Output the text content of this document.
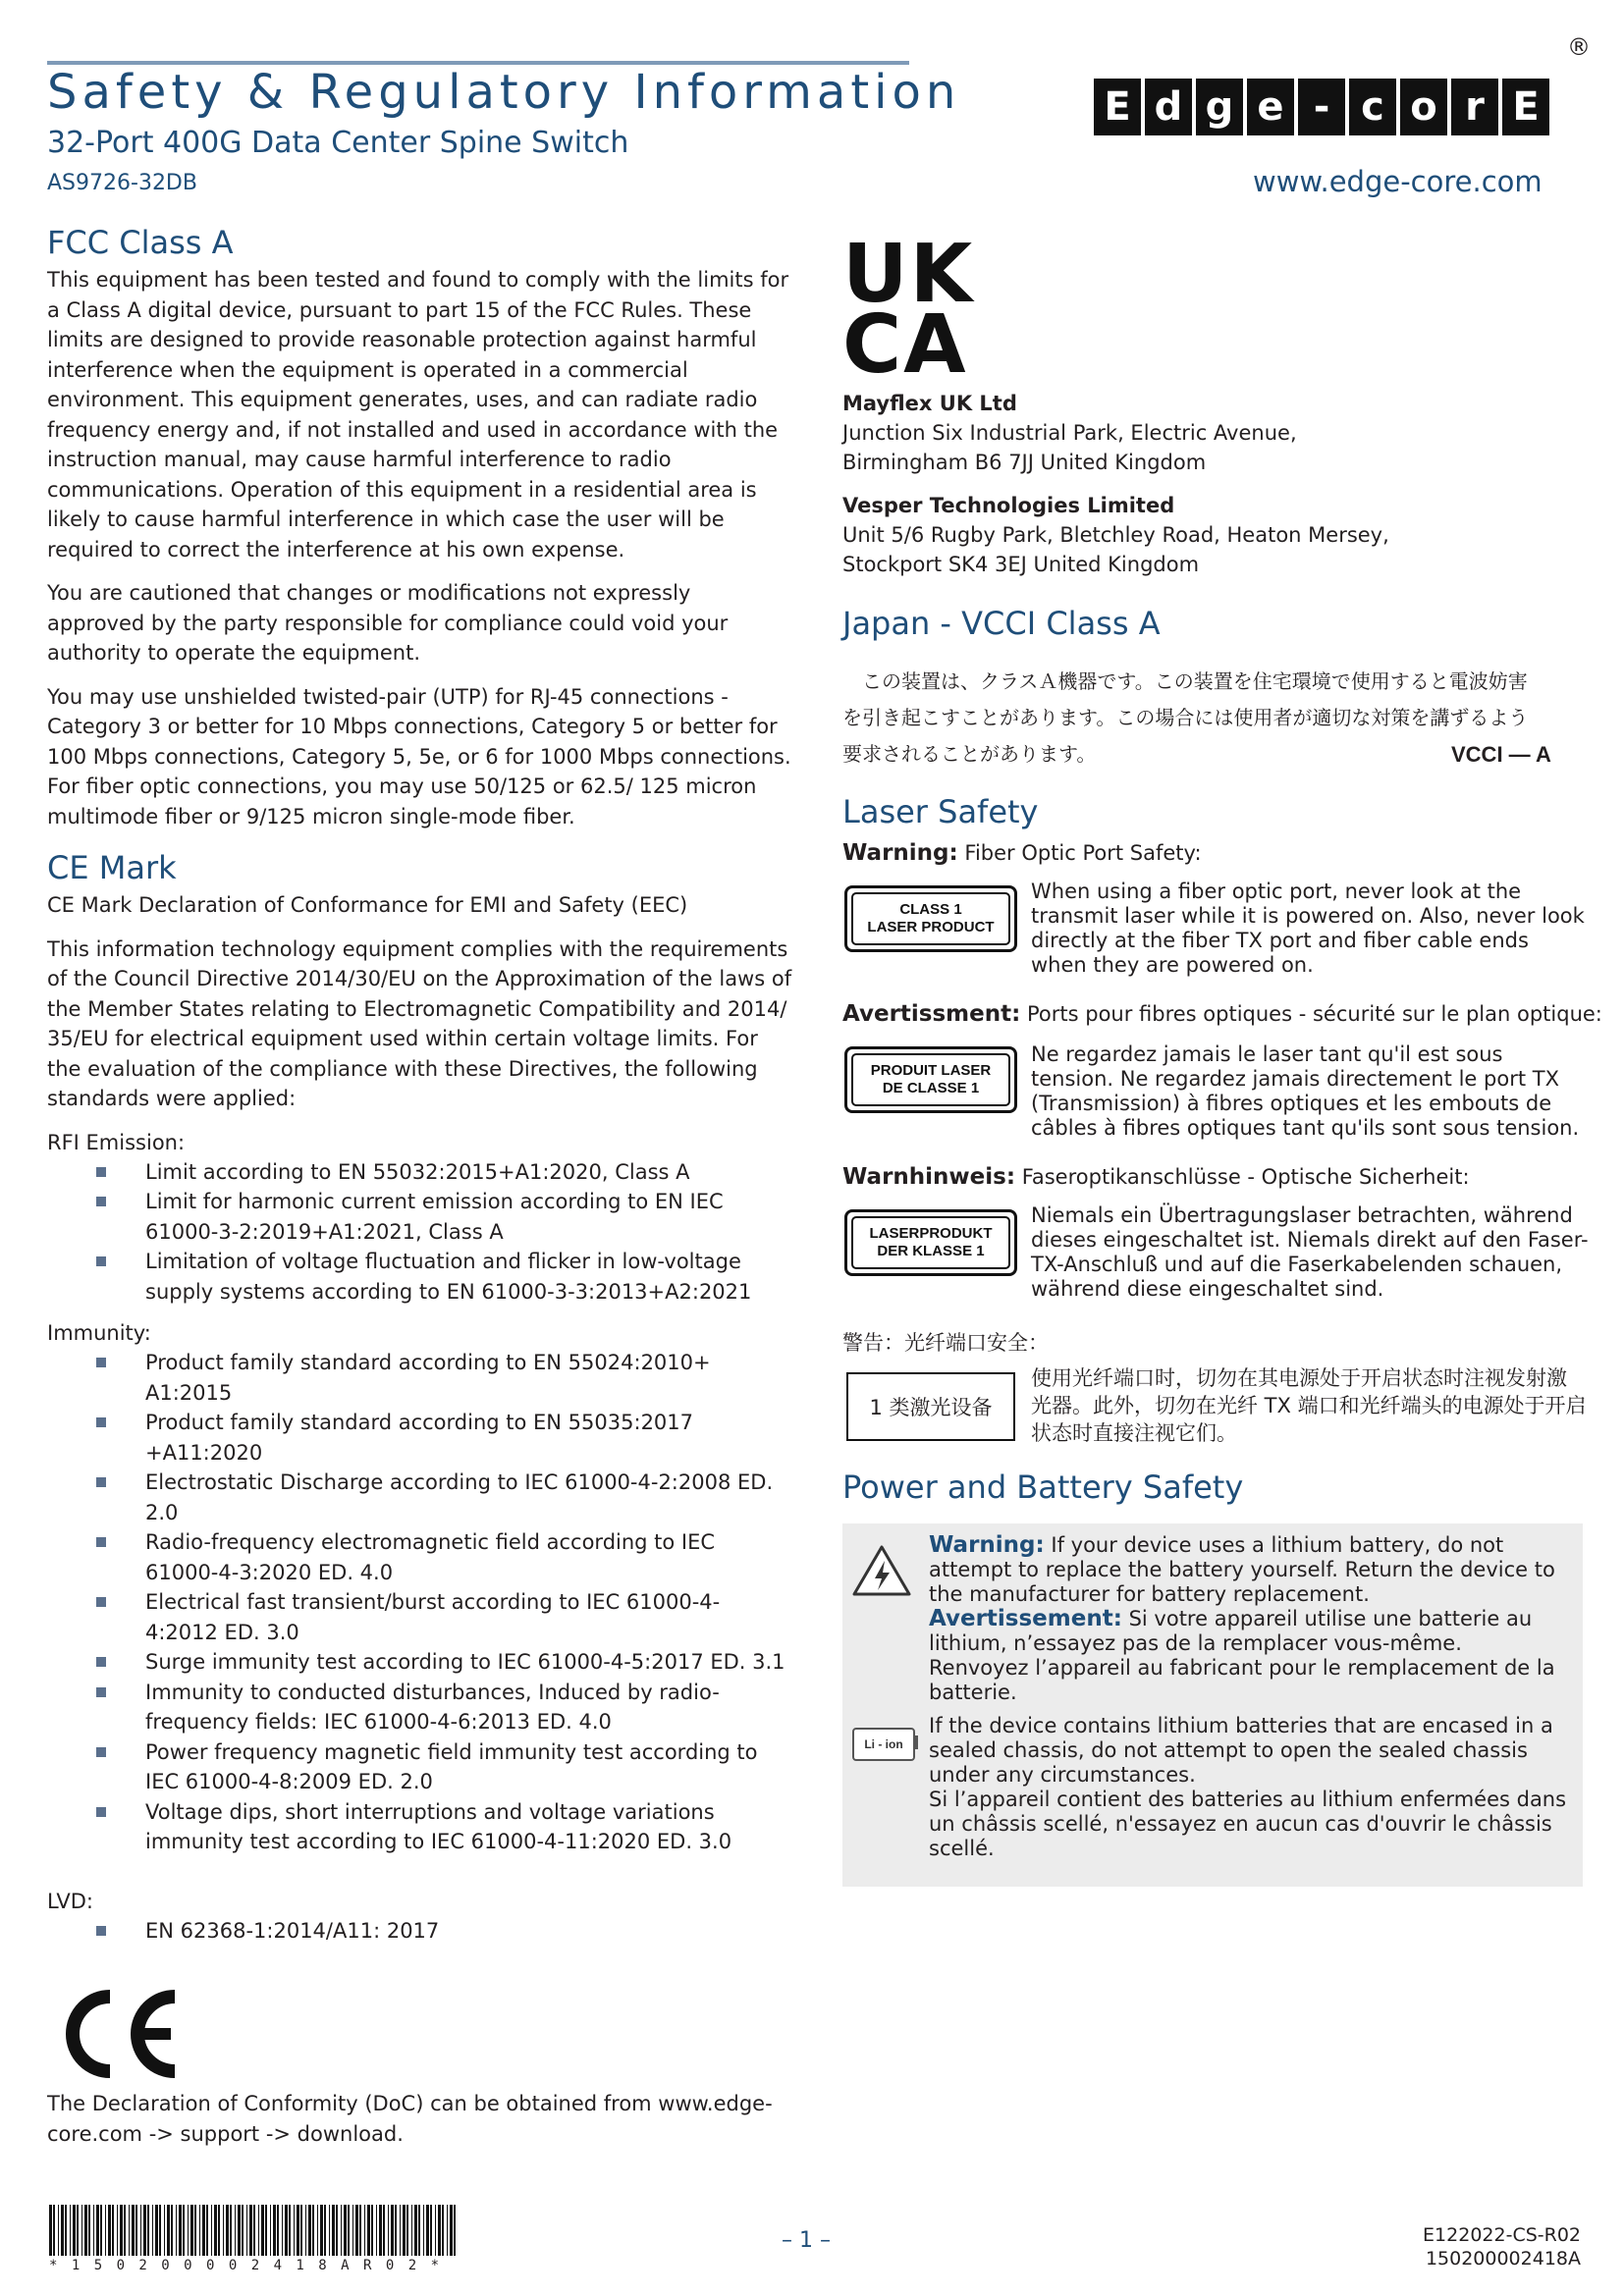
Safety & Regulatory Information
32-Port 400G Data Center Spine Switch
AS9726-32DB
E d g e - c o r E
®
www.edge-core.com
FCC Class A

This equipment has been tested and found to comply with the limits for a Class A digital device, pursuant to part 15 of the FCC Rules. These limits are designed to provide reasonable protection against harmful interference when the equipment is operated in a commercial environment. This equipment generates, uses, and can radiate radio frequency energy and, if not installed and used in accordance with the instruction manual, may cause harmful interference to radio communications. Operation of this equipment in a residential area is likely to cause harmful interference in which case the user will be required to correct the interference at his own expense.

You are cautioned that changes or modifications not expressly approved by the party responsible for compliance could void your authority to operate the equipment.

You may use unshielded twisted-pair (UTP) for RJ-45 connections - Category 3 or better for 10 Mbps connections, Category 5 or better for 100 Mbps connections, Category 5, 5e, or 6 for 1000 Mbps connections. For fiber optic connections, you may use 50/125 or 62.5/ 125 micron multimode fiber or 9/125 micron single-mode fiber.

CE Mark

CE Mark Declaration of Conformance for EMI and Safety (EEC)

This information technology equipment complies with the requirements of the Council Directive 2014/30/EU on the Approximation of the laws of the Member States relating to Electromagnetic Compatibility and 2014/ 35/EU for electrical equipment used within certain voltage limits. For the evaluation of the compliance with these Directives, the following standards were applied:

RFI Emission:
Limit according to EN 55032:2015+A1:2020, Class A
Limit for harmonic current emission according to EN IEC 61000-3-2:2019+A1:2021, Class A
Limitation of voltage fluctuation and flicker in low-voltage supply systems according to EN 61000-3-3:2013+A2:2021
Immunity:
Product family standard according to EN 55024:2010+ A1:2015
Product family standard according to EN 55035:2017 +A11:2020
Electrostatic Discharge according to IEC 61000-4-2:2008 ED. 2.0
Radio-frequency electromagnetic field according to IEC 61000-4-3:2020 ED. 4.0
Electrical fast transient/burst according to IEC 61000-4- 4:2012 ED. 3.0
Surge immunity test according to IEC 61000-4-5:2017 ED. 3.1
Immunity to conducted disturbances, Induced by radio- frequency fields: IEC 61000-4-6:2013 ED. 4.0
Power frequency magnetic field immunity test according to IEC 61000-4-8:2009 ED. 2.0
Voltage dips, short interruptions and voltage variations immunity test according to IEC 61000-4-11:2020 ED. 3.0
LVD:
EN 62368-1:2014/A11: 2017

The Declaration of Conformity (DoC) can be obtained from www.edge- core.com -> support -> download.

UK
CA
Mayflex UK Ltd
Junction Six Industrial Park, Electric Avenue,
Birmingham B6 7JJ United Kingdom
Vesper Technologies Limited
Unit 5/6 Rugby Park, Bletchley Road, Heaton Mersey,
Stockport SK4 3EJ United Kingdom
Japan - VCCI Class A
この装置は、クラスＡ機器です。この装置を住宅環境で使用すると電波妨害
を引き起こすことがあります。この場合には使用者が適切な対策を講ずるよう
要求されることがあります。	VCCI ― A
Laser Safety
Warning: Fiber Optic Port Safety:
CLASS 1
LASER PRODUCT

When using a fiber optic port, never look at the transmit laser while it is powered on. Also, never look directly at the fiber TX port and fiber cable ends when they are powered on.

Avertissment: Ports pour fibres optiques - sécurité sur le plan optique:
PRODUIT LASER
DE CLASSE 1

Ne regardez jamais le laser tant qu'il est sous tension. Ne regardez jamais directement le port TX (Transmission) à fibres optiques et les embouts de câbles à fibres optiques tant qu'ils sont sous tension.

Warnhinweis: Faseroptikanschlüsse - Optische Sicherheit:
LASERPRODUKT
DER KLASSE 1

Niemals ein Übertragungslaser betrachten, während dieses eingeschaltet ist. Niemals direkt auf den Faser- TX-Anschluß und auf die Faserkabelenden schauen, während diese eingeschaltet sind.

警告：光纤端口安全：
1 类激光设备

使用光纤端口时，切勿在其电源处于开启状态时注视发射激光器。此外，切勿在光纤 TX 端口和光纤端头的电源处于开启状态时直接注视它们。

Power and Battery Safety

Warning: If your device uses a lithium battery, do not attempt to replace the battery yourself. Return the device to the manufacturer for battery replacement.

Avertissement: Si votre appareil utilise une batterie au lithium, n’essayez pas de la remplacer vous-même. Renvoyez l’appareil au fabricant pour le remplacement de la batterie.

Li - ion

If the device contains lithium batteries that are encased in a sealed chassis, do not attempt to open the sealed chassis under any circumstances.

Si l’appareil contient des batteries au lithium enfermées dans un châssis scellé, n'essayez en aucun cas d'ouvrir le châssis scellé.

* 1 5 0 2 0 0 0 0 2 4 1 8 A R 0 2 *
– 1 –	E122022-CS-R02
150200002418A
